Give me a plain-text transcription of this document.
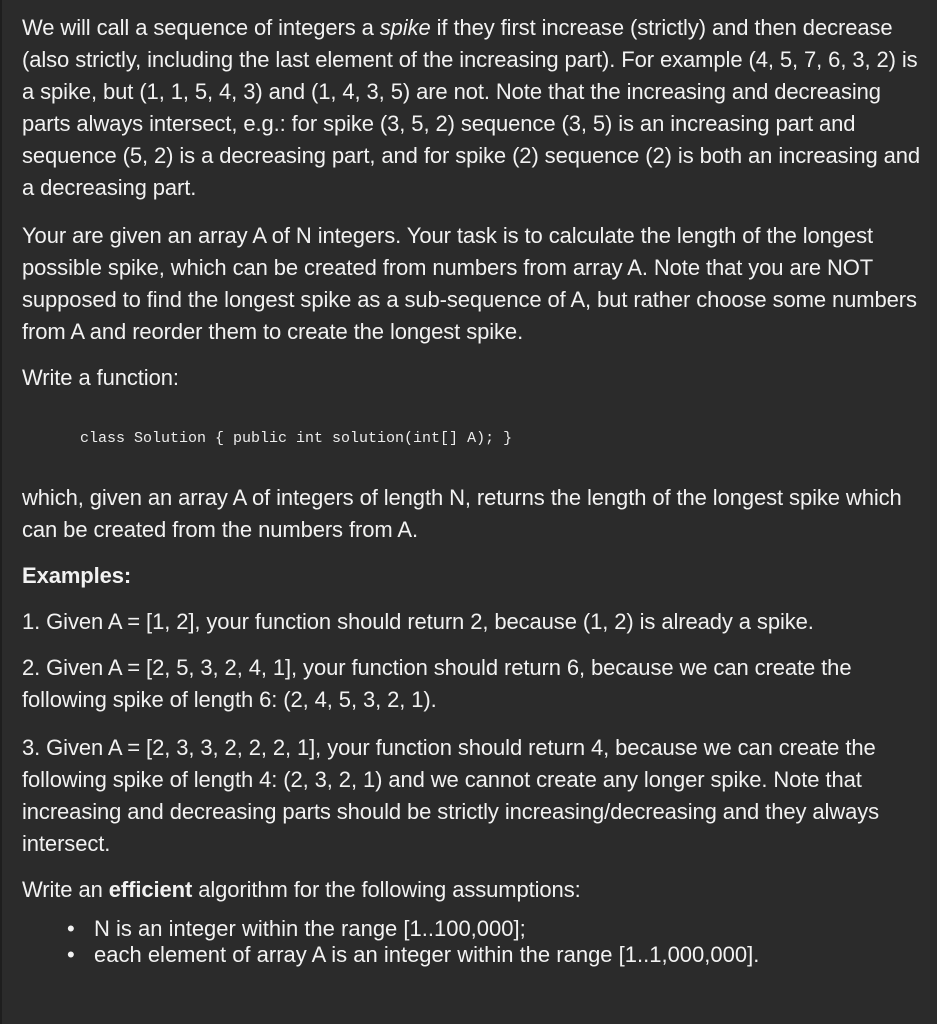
We will call a sequence of integers a spike if they first increase (strictly) and then decrease (also strictly, including the last element of the increasing part). For example (4, 5, 7, 6, 3, 2) is a spike, but (1, 1, 5, 4, 3) and (1, 4, 3, 5) are not. Note that the increasing and decreasing parts always intersect, e.g.: for spike (3, 5, 2) sequence (3, 5) is an increasing part and sequence (5, 2) is a decreasing part, and for spike (2) sequence (2) is both an increasing and a decreasing part.

Your are given an array A of N integers. Your task is to calculate the length of the longest possible spike, which can be created from numbers from array A. Note that you are NOT supposed to find the longest spike as a sub-sequence of A, but rather choose some numbers from A and reorder them to create the longest spike.

Write a function:

class Solution { public int solution(int[] A); }

which, given an array A of integers of length N, returns the length of the longest spike which can be created from the numbers from A.

Examples:

1. Given A = [1, 2], your function should return 2, because (1, 2) is already a spike.

2. Given A = [2, 5, 3, 2, 4, 1], your function should return 6, because we can create the following spike of length 6: (2, 4, 5, 3, 2, 1).

3. Given A = [2, 3, 3, 2, 2, 2, 1], your function should return 4, because we can create the following spike of length 4: (2, 3, 2, 1) and we cannot create any longer spike. Note that increasing and decreasing parts should be strictly increasing/decreasing and they always intersect.

Write an efficient algorithm for the following assumptions:

• N is an integer within the range [1..100,000];
• each element of array A is an integer within the range [1..1,000,000].
